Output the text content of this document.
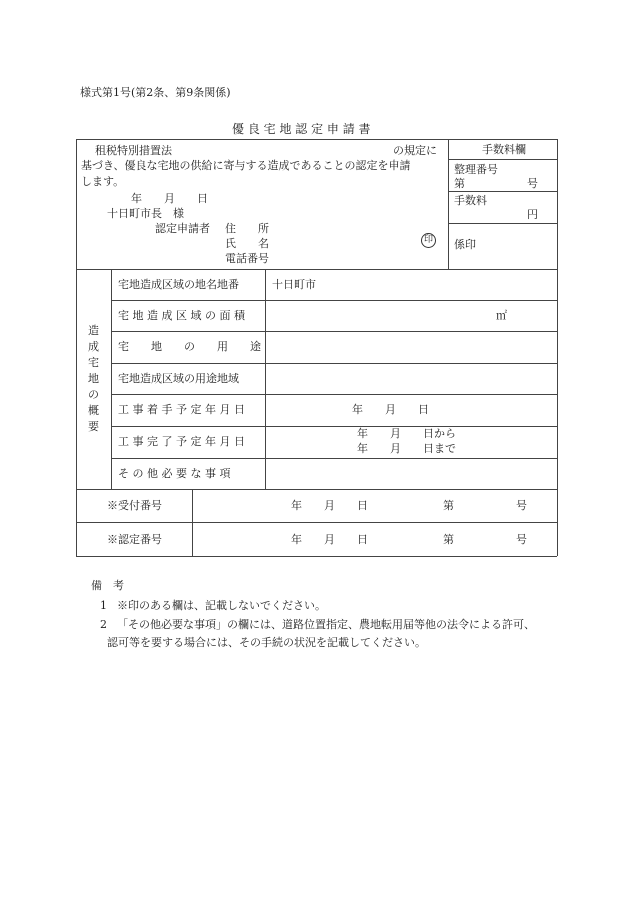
様式第1号(第2条、第9条関係)
優 良 宅 地 認 定 申 請 書
租税特別措置法	の規定に
基づき、優良な宅地の供給に寄与する造成であることの認定を申請
します。
年　　月　　日
十日町市長　様
認定申請者 住　　所
氏　　名	印
電話番号
手数料欄
整理番号
第	号
手数料
円
係印
造
成
宅
地
の
概
要
宅地造成区域の地名地番	十日町市
宅 地 造 成 区 域 の 面 積	㎡
宅　　地　　の　　用　　途
宅地造成区域の用途地域
工 事 着 手 予 定 年 月 日	年　　月　　日
工 事 完 了 予 定 年 月 日
年　　月　　日から
年　　月　　日まで
そ の 他 必 要 な 事 項
※受付番号	年　　月　　日	第	号
※認定番号	年　　月　　日	第	号
備　考
1 ※印のある欄は、記載しないでください。
2 「その他必要な事項」の欄には、道路位置指定、農地転用届等他の法令による許可、
認可等を要する場合には、その手続の状況を記載してください。
